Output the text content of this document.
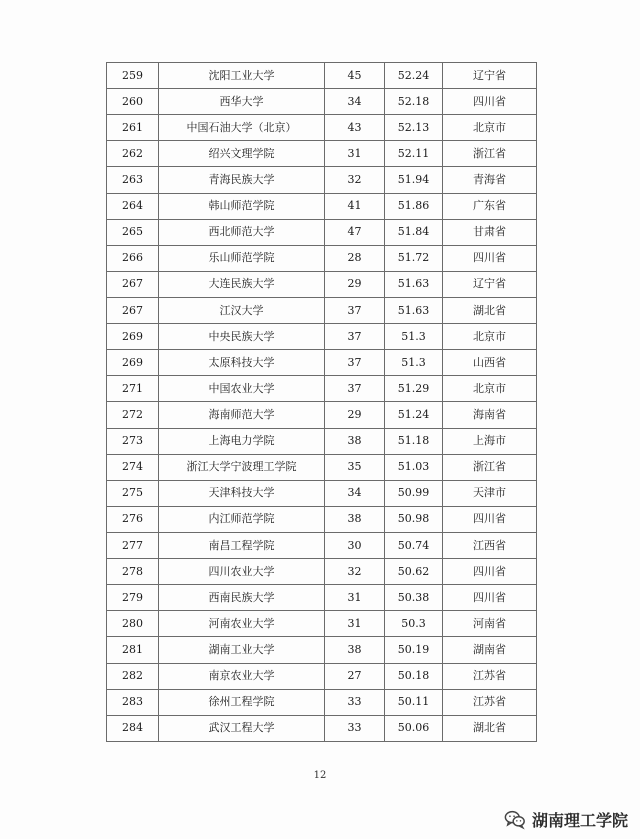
259	沈阳工业大学	45	52.24	辽宁省
260	西华大学	34	52.18	四川省
261	中国石油大学（北京）	43	52.13	北京市
262	绍兴文理学院	31	52.11	浙江省
263	青海民族大学	32	51.94	青海省
264	韩山师范学院	41	51.86	广东省
265	西北师范大学	47	51.84	甘肃省
266	乐山师范学院	28	51.72	四川省
267	大连民族大学	29	51.63	辽宁省
267	江汉大学	37	51.63	湖北省
269	中央民族大学	37	51.3	北京市
269	太原科技大学	37	51.3	山西省
271	中国农业大学	37	51.29	北京市
272	海南师范大学	29	51.24	海南省
273	上海电力学院	38	51.18	上海市
274	浙江大学宁波理工学院	35	51.03	浙江省
275	天津科技大学	34	50.99	天津市
276	内江师范学院	38	50.98	四川省
277	南昌工程学院	30	50.74	江西省
278	四川农业大学	32	50.62	四川省
279	西南民族大学	31	50.38	四川省
280	河南农业大学	31	50.3	河南省
281	湖南工业大学	38	50.19	湖南省
282	南京农业大学	27	50.18	江苏省
283	徐州工程学院	33	50.11	江苏省
284	武汉工程大学	33	50.06	湖北省
12
湖南理工学院
